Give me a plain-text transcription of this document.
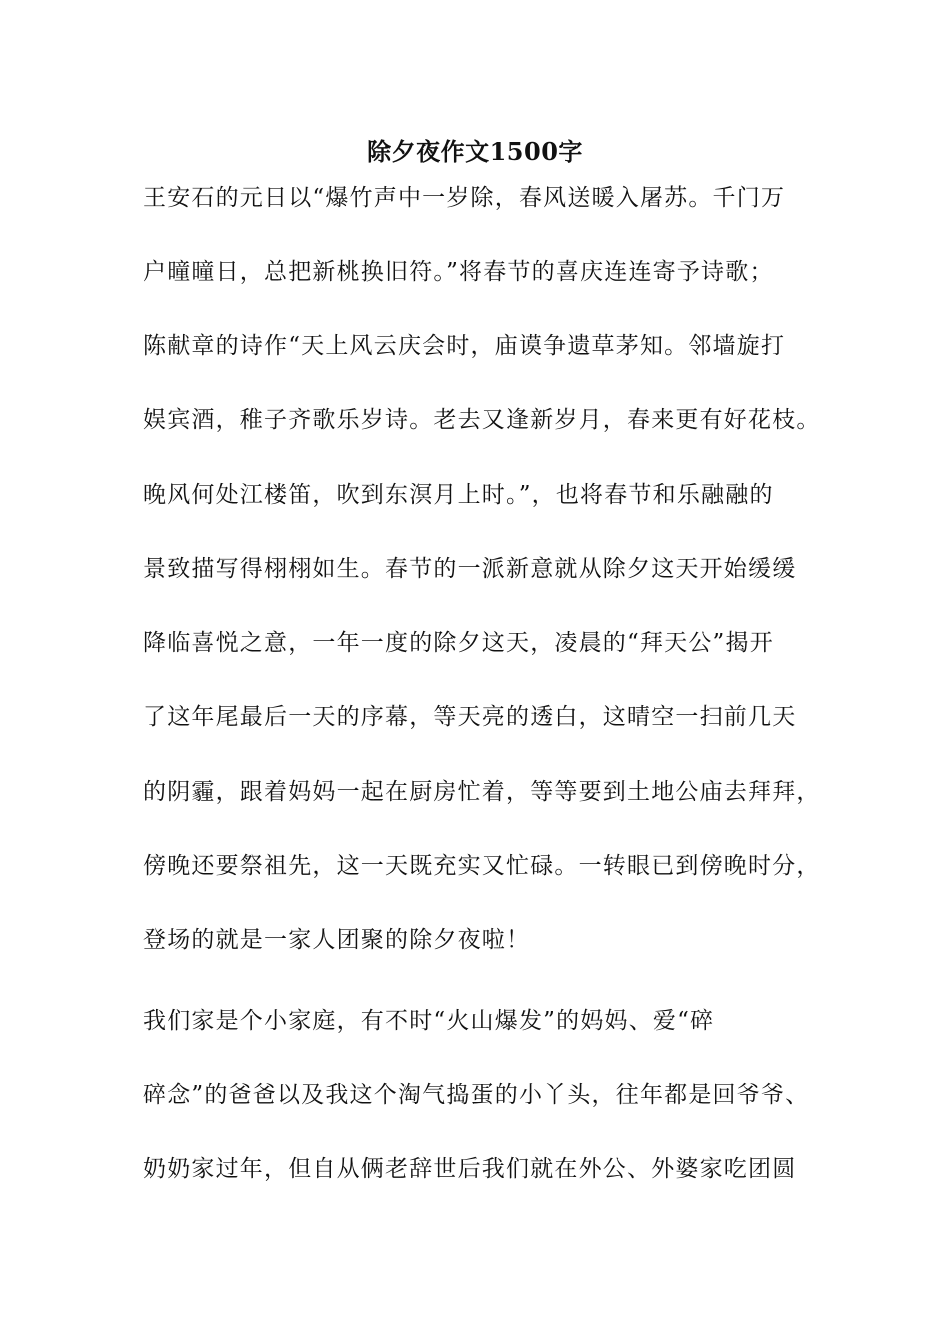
除夕夜作文1500字
王安石的元日以“爆竹声中一岁除，春风送暖入屠苏。千门万
户曈曈日，总把新桃换旧符。”将春节的喜庆连连寄予诗歌；
陈献章的诗作“天上风云庆会时，庙谟争遗草茅知。邻墙旋打
娱宾酒，稚子齐歌乐岁诗。老去又逢新岁月，春来更有好花枝。
晚风何处江楼笛，吹到东溟月上时。”，也将春节和乐融融的
景致描写得栩栩如生。春节的一派新意就从除夕这天开始缓缓
降临喜悦之意，一年一度的除夕这天，凌晨的“拜天公”揭开
了这年尾最后一天的序幕，等天亮的透白，这晴空一扫前几天
的阴霾，跟着妈妈一起在厨房忙着，等等要到土地公庙去拜拜，
傍晚还要祭祖先，这一天既充实又忙碌。一转眼已到傍晚时分，
登场的就是一家人团聚的除夕夜啦！
我们家是个小家庭，有不时“火山爆发”的妈妈、爱“碎
碎念”的爸爸以及我这个淘气捣蛋的小丫头，往年都是回爷爷、
奶奶家过年，但自从俩老辞世后我们就在外公、外婆家吃团圆
